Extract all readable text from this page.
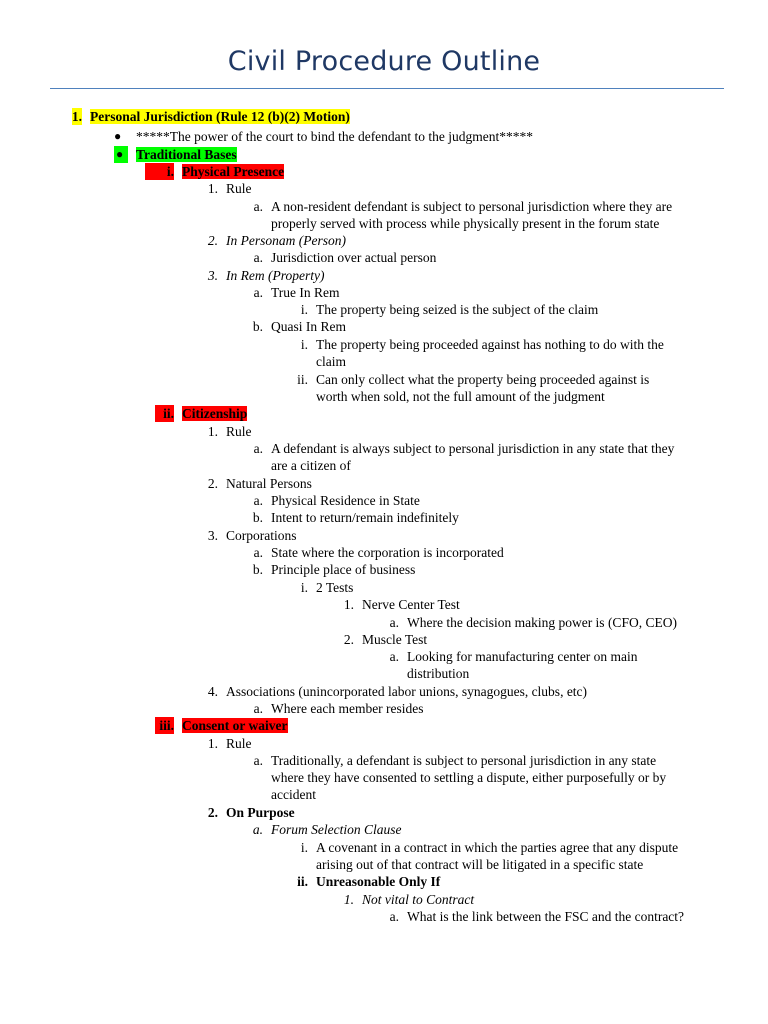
Civil Procedure Outline
1. Personal Jurisdiction (Rule 12 (b)(2) Motion)
● *****The power of the court to bind the defendant to the judgment*****
● Traditional Bases
i. Physical Presence
1. Rule
a. A non-resident defendant is subject to personal jurisdiction where they are
properly served with process while physically present in the forum state
2. In Personam (Person)
a. Jurisdiction over actual person
3. In Rem (Property)
a. True In Rem
i. The property being seized is the subject of the claim
b. Quasi In Rem
i. The property being proceeded against has nothing to do with the
claim
ii. Can only collect what the property being proceeded against is
worth when sold, not the full amount of the judgment
ii. Citizenship
1. Rule
a. A defendant is always subject to personal jurisdiction in any state that they
are a citizen of
2. Natural Persons
a. Physical Residence in State
b. Intent to return/remain indefinitely
3. Corporations
a. State where the corporation is incorporated
b. Principle place of business
i. 2 Tests
1. Nerve Center Test
a. Where the decision making power is (CFO, CEO)
2. Muscle Test
a. Looking for manufacturing center on main
distribution
4. Associations (unincorporated labor unions, synagogues, clubs, etc)
a. Where each member resides
iii. Consent or waiver
1. Rule
a. Traditionally, a defendant is subject to personal jurisdiction in any state
where they have consented to settling a dispute, either purposefully or by
accident
2. On Purpose
a. Forum Selection Clause
i. A covenant in a contract in which the parties agree that any dispute
arising out of that contract will be litigated in a specific state
ii. Unreasonable Only If
1. Not vital to Contract
a. What is the link between the FSC and the contract?
